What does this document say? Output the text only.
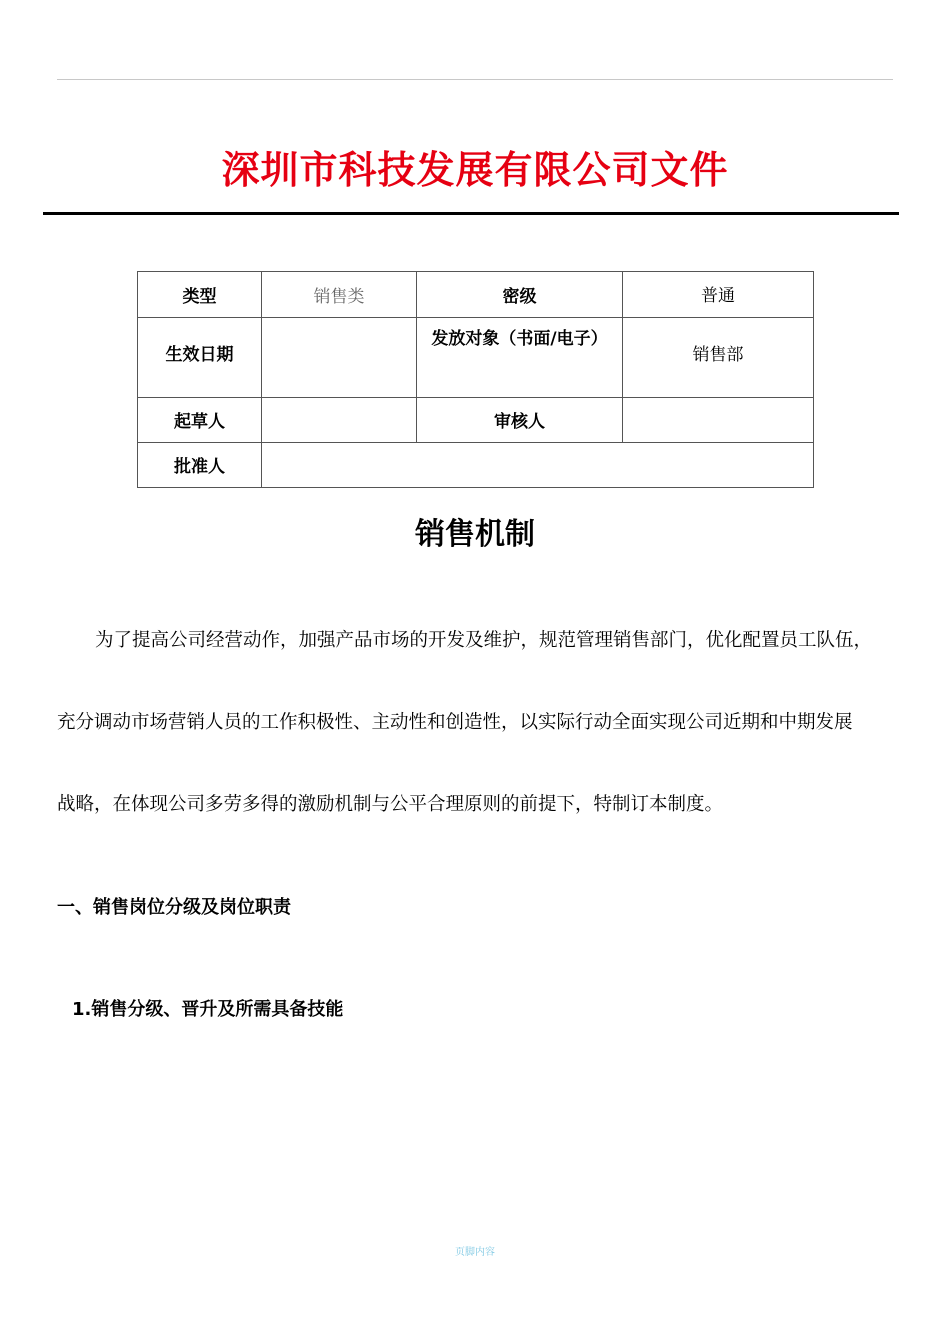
深圳市科技发展有限公司文件
类型	销售类	密级	普通

生效日期		发放对象（书面/电子）	销售部

起草人		审核人	

批准人			

销售机制
为了提高公司经营动作，加强产品市场的开发及维护，规范管理销售部门，优化配置员工队伍，
充分调动市场营销人员的工作积极性、主动性和创造性，以实际行动全面实现公司近期和中期发展
战略，在体现公司多劳多得的激励机制与公平合理原则的前提下，特制订本制度。
一、销售岗位分级及岗位职责
1.销售分级、晋升及所需具备技能
页脚内容
